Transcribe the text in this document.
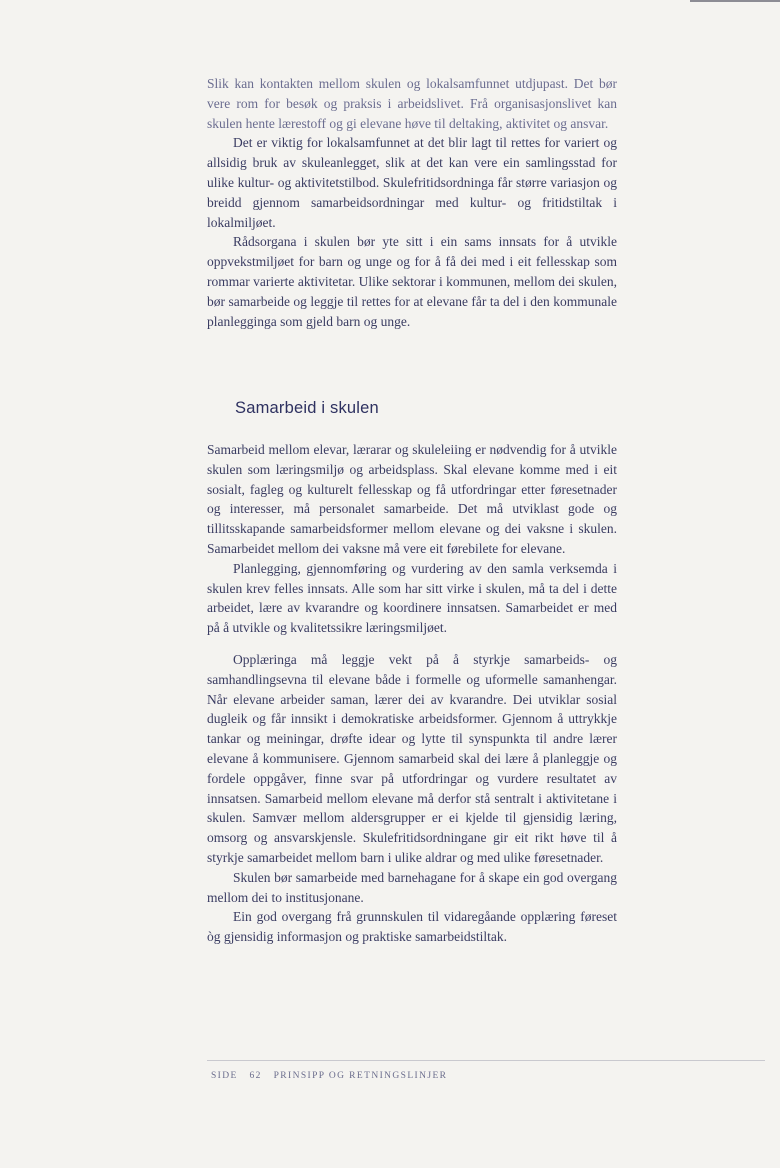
Slik kan kontakten mellom skulen og lokalsamfunnet utdjupast. Det bør vere rom for besøk og praksis i arbeidslivet. Frå organisasjonslivet kan skulen hente lærestoff og gi elevane høve til deltaking, aktivitet og ansvar.

Det er viktig for lokalsamfunnet at det blir lagt til rettes for variert og allsidig bruk av skuleanlegget, slik at det kan vere ein samlingsstad for ulike kultur- og aktivitetstilbod. Skulefritidsordninga får større variasjon og breidd gjennom samarbeidsordningar med kultur- og fritidstiltak i lokalmiljøet.

Rådsorgana i skulen bør yte sitt i ein sams innsats for å utvikle oppvekstmiljøet for barn og unge og for å få dei med i eit fellesskap som rommar varierte aktivitetar. Ulike sektorar i kommunen, mellom dei skulen, bør samarbeide og leggje til rettes for at elevane får ta del i den kommunale planlegginga som gjeld barn og unge.

Samarbeid i skulen

Samarbeid mellom elevar, lærarar og skuleleiing er nødvendig for å utvikle skulen som læringsmiljø og arbeidsplass. Skal elevane komme med i eit sosialt, fagleg og kulturelt fellesskap og få utfordringar etter føresetnader og interesser, må personalet samarbeide. Det må utviklast gode og tillitsskapande samarbeidsformer mellom elevane og dei vaksne i skulen. Samarbeidet mellom dei vaksne må vere eit førebilete for elevane.

Planlegging, gjennomføring og vurdering av den samla verksemda i skulen krev felles innsats. Alle som har sitt virke i skulen, må ta del i dette arbeidet, lære av kvarandre og koordinere innsatsen. Samarbeidet er med på å utvikle og kvalitetssikre læringsmiljøet.

Opplæringa må leggje vekt på å styrkje samarbeids- og samhandlingsevna til elevane både i formelle og uformelle samanhengar. Når elevane arbeider saman, lærer dei av kvarandre. Dei utviklar sosial dugleik og får innsikt i demokratiske arbeidsformer. Gjennom å uttrykkje tankar og meiningar, drøfte idear og lytte til synspunkta til andre lærer elevane å kommunisere. Gjennom samarbeid skal dei lære å planleggje og fordele oppgåver, finne svar på utfordringar og vurdere resultatet av innsatsen. Samarbeid mellom elevane må derfor stå sentralt i aktivitetane i skulen. Samvær mellom aldersgrupper er ei kjelde til gjensidig læring, omsorg og ansvarskjensle. Skulefritidsordningane gir eit rikt høve til å styrkje samarbeidet mellom barn i ulike aldrar og med ulike føresetnader.

Skulen bør samarbeide med barnehagane for å skape ein god overgang mellom dei to institusjonane.

Ein god overgang frå grunnskulen til vidaregåande opplæring føreset òg gjensidig informasjon og praktiske samarbeidstiltak.

SIDE 62 PRINSIPP OG RETNINGSLINJER
